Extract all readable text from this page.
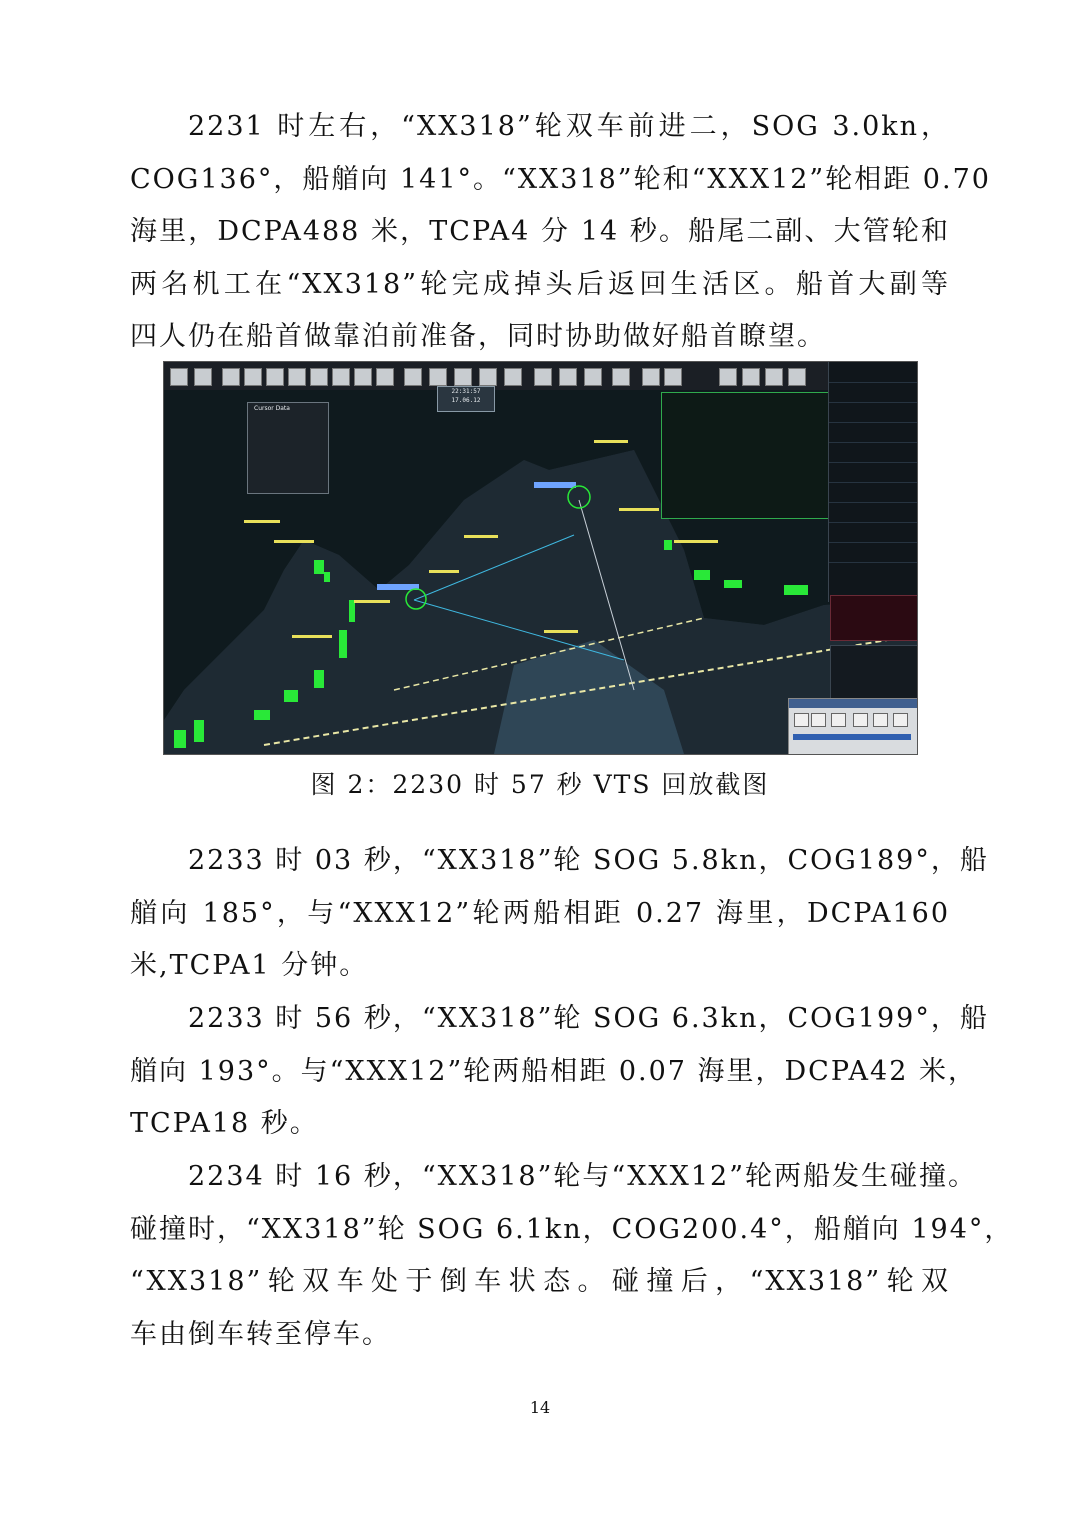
2231 时左右，“XX318”轮双车前进二，SOG 3.0kn，
COG136°，船艏向 141°。“XX318”轮和“XXX12”轮相距 0.70
海里，DCPA488 米，TCPA4 分 14 秒。船尾二副、大管轮和
两名机工在“XX318”轮完成掉头后返回生活区。船首大副等
四人仍在船首做靠泊前准备，同时协助做好船首瞭望。
Cursor Data
22:31:57
17.06.12
图 2：2230 时 57 秒 VTS 回放截图
2233 时 03 秒，“XX318”轮 SOG 5.8kn，COG189°，船
艏向 185°，与“XXX12”轮两船相距 0.27 海里，DCPA160
米,TCPA1 分钟。
2233 时 56 秒，“XX318”轮 SOG 6.3kn，COG199°，船
艏向 193°。与“XXX12”轮两船相距 0.07 海里，DCPA42 米，
TCPA18 秒。
2234 时 16 秒，“XX318”轮与“XXX12”轮两船发生碰撞。
碰撞时，“XX318”轮 SOG 6.1kn，COG200.4°，船艏向 194°，
“XX318”轮双车处于倒车状态。碰撞后，“XX318”轮双
车由倒车转至停车。
14
